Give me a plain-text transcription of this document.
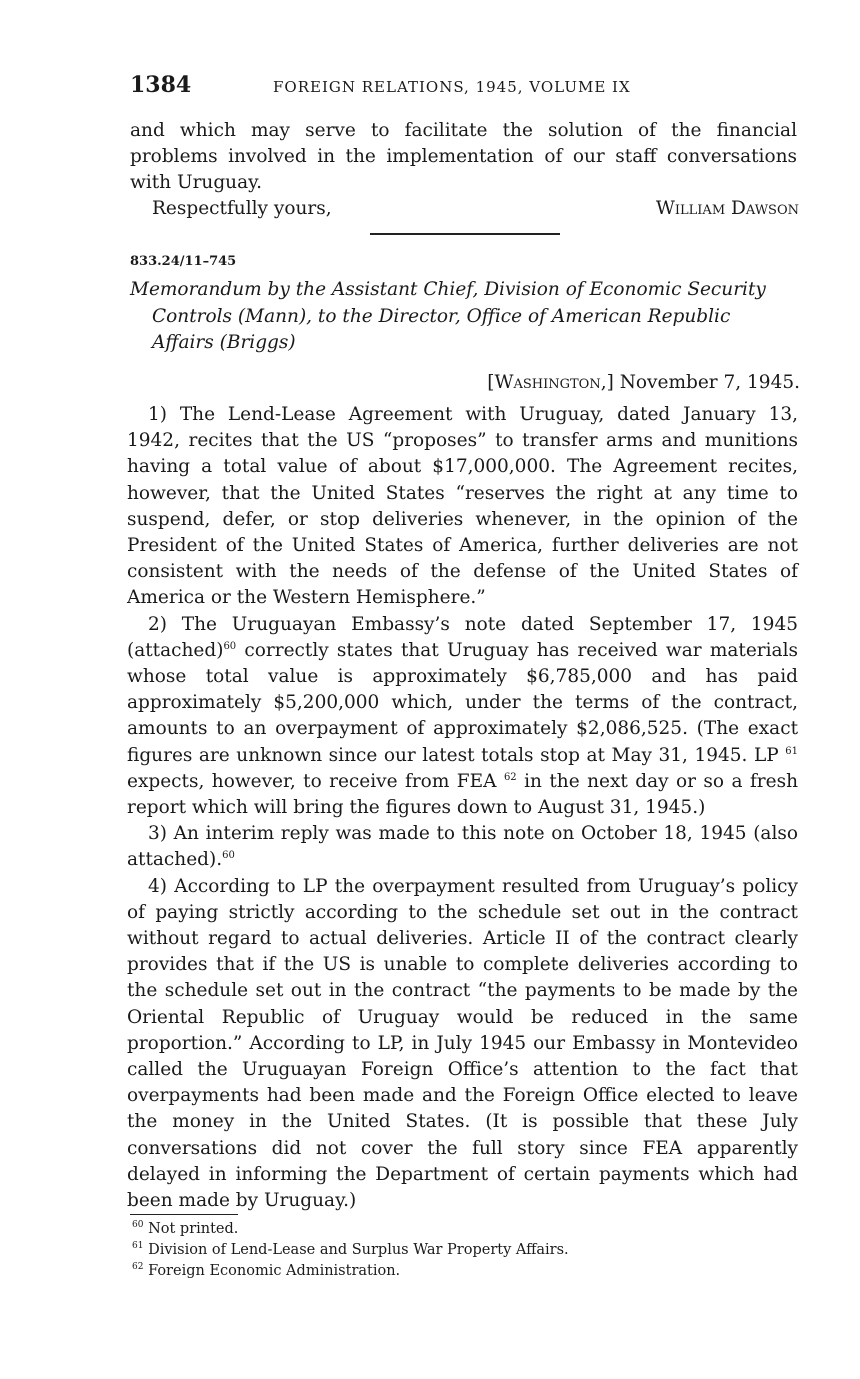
1384	FOREIGN RELATIONS, 1945, VOLUME IX
and which may serve to facilitate the solution of the financial problems involved in the implementation of our staff conversations with Uruguay.
Respectfully yours,	William Dawson
833.24/11–745
Memorandum by the Assistant Chief, Division of Economic Security
Controls (Mann), to the Director, Office of American Republic
Affairs (Briggs)
[Washington,] November 7, 1945.

1) The Lend-Lease Agreement with Uruguay, dated January 13, 1942, recites that the US “proposes” to transfer arms and munitions having a total value of about $17,000,000. The Agreement recites, however, that the United States “reserves the right at any time to suspend, defer, or stop deliveries whenever, in the opinion of the President of the United States of America, further deliveries are not consistent with the needs of the defense of the United States of America or the Western Hemisphere.”

2) The Uruguayan Embassy’s note dated September 17, 1945 (attached)$^{60}$ correctly states that Uruguay has received war materials whose total value is approximately $6,785,000 and has paid approximately $5,200,000 which, under the terms of the contract, amounts to an overpayment of approximately $2,086,525. (The exact figures are unknown since our latest totals stop at May 31, 1945. LP $^{61}$ expects, however, to receive from FEA $^{62}$ in the next day or so a fresh report which will bring the figures down to August 31, 1945.)

3) An interim reply was made to this note on October 18, 1945 (also attached).$^{60}$

4) According to LP the overpayment resulted from Uruguay’s policy of paying strictly according to the schedule set out in the contract without regard to actual deliveries. Article II of the contract clearly provides that if the US is unable to complete deliveries according to the schedule set out in the contract “the payments to be made by the Oriental Republic of Uruguay would be reduced in the same proportion.” According to LP, in July 1945 our Embassy in Montevideo called the Uruguayan Foreign Office’s attention to the fact that overpayments had been made and the Foreign Office elected to leave the money in the United States. (It is possible that these July conversations did not cover the full story since FEA apparently delayed in informing the Department of certain payments which had been made by Uruguay.)

$^{60}$ Not printed.
$^{61}$ Division of Lend-Lease and Surplus War Property Affairs.
$^{62}$ Foreign Economic Administration.
